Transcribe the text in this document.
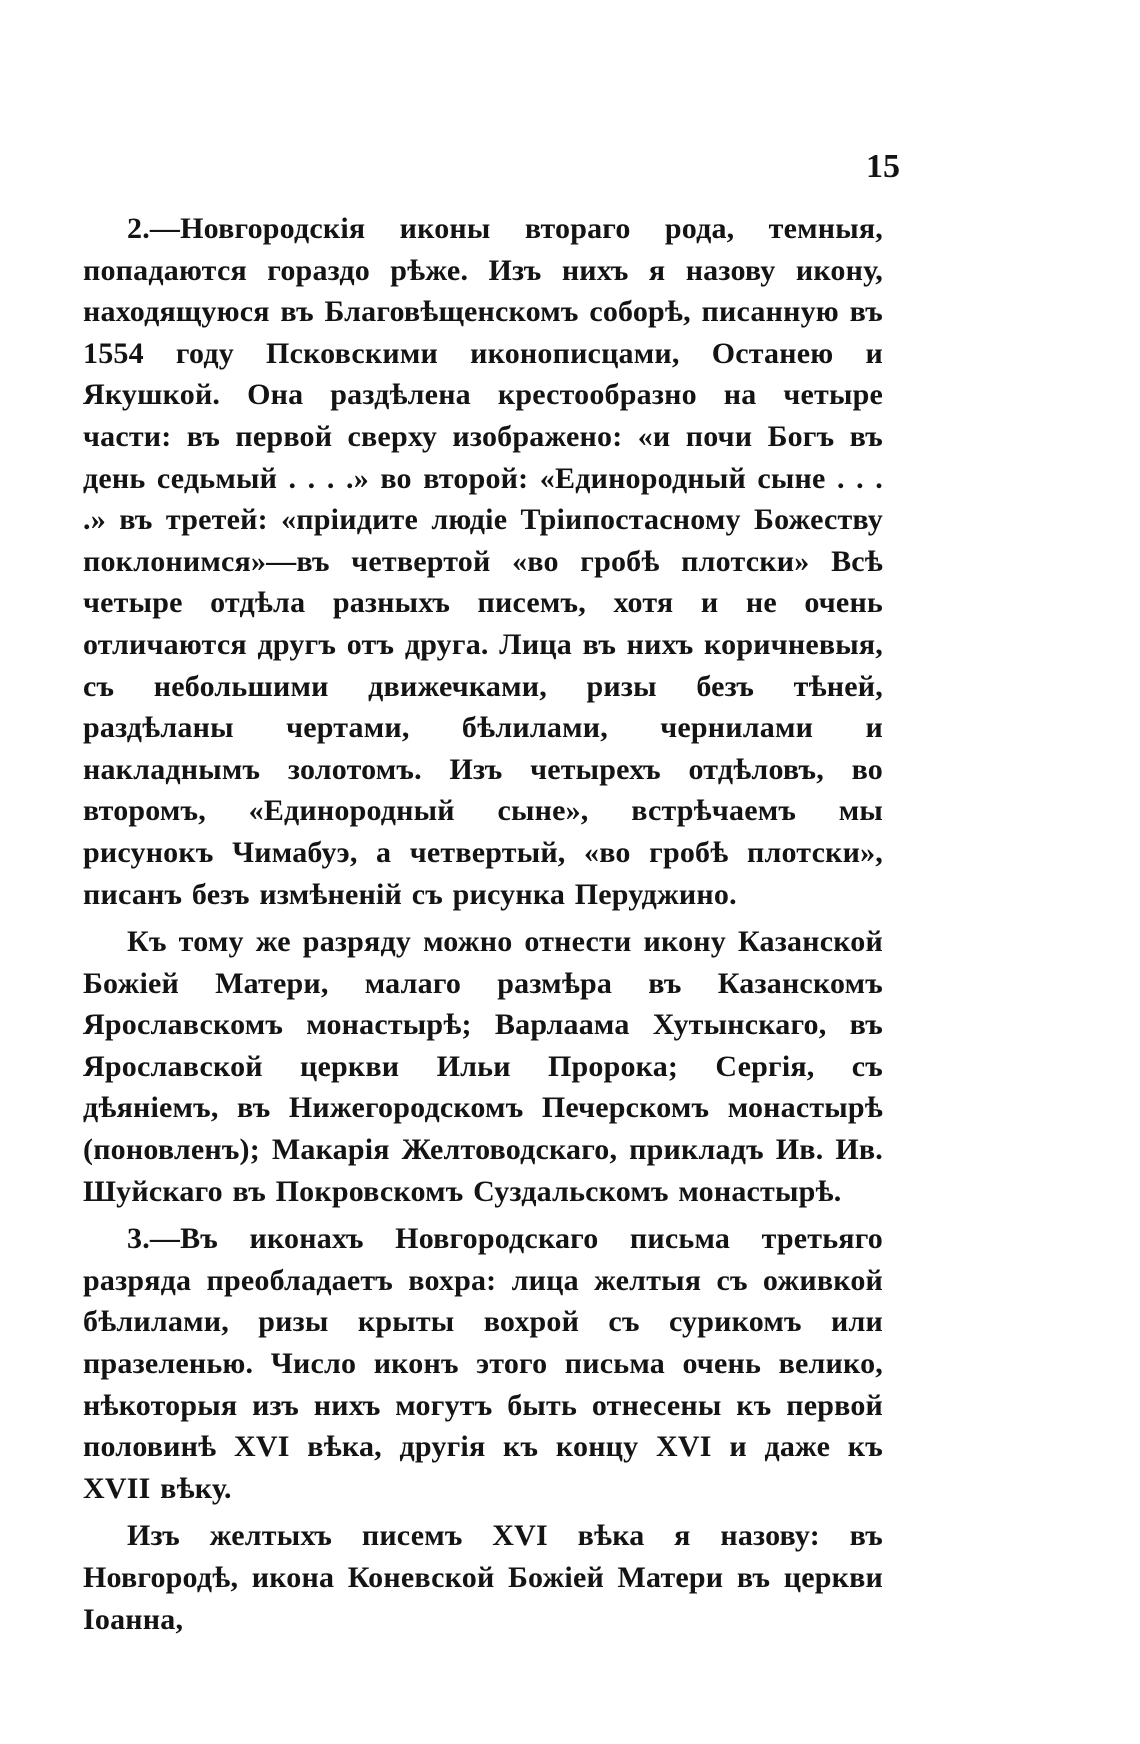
15

2.—Новгородскія иконы втораго рода, темныя, попадаются гораздо рѣже. Изъ нихъ я назову икону, находящуюся въ Благовѣщенскомъ соборѣ, писанную въ 1554 году Псковскими иконописцами, Останею и Якушкой. Она раздѣлена крестообразно на четыре части: въ первой сверху изображено: «и почи Богъ въ день седьмый . . . .» во второй: «Единородный сыне . . . .» въ третей: «пріидите людіе Тріипостасному Божеству поклонимся»—въ четвертой «во гробѣ плотски» Всѣ четыре отдѣла разныхъ писемъ, хотя и не очень отличаются другъ отъ друга. Лица въ нихъ коричневыя, съ небольшими движечками, ризы безъ тѣней, раздѣланы чертами, бѣлилами, чернилами и накладнымъ золотомъ. Изъ четырехъ отдѣловъ, во второмъ, «Единородный сыне», встрѣчаемъ мы рисунокъ Чимабуэ, а четвертый, «во гробѣ плотски», писанъ безъ измѣненій съ рисунка Перуджино.

Къ тому же разряду можно отнести икону Казанской Божіей Матери, малаго размѣра въ Казанскомъ Ярославскомъ монастырѣ; Варлаама Хутынскаго, въ Ярославской церкви Ильи Пророка; Сергія, съ дѣяніемъ, въ Нижегородскомъ Печерскомъ монастырѣ (поновленъ); Макарія Желтоводскаго, прикладъ Ив. Ив. Шуйскаго въ Покровскомъ Суздальскомъ монастырѣ.

3.—Въ иконахъ Новгородскаго письма третьяго разряда преобладаетъ вохра: лица желтыя съ оживкой бѣлилами, ризы крыты вохрой съ сурикомъ или празеленью. Число иконъ этого письма очень велико, нѣкоторыя изъ нихъ могутъ быть отнесены къ первой половинѣ XVI вѣка, другія къ концу XVI и даже къ XVII вѣку.

Изъ желтыхъ писемъ XVI вѣка я назову: въ Новгородѣ, икона Коневской Божіей Матери въ церкви Іоанна,
